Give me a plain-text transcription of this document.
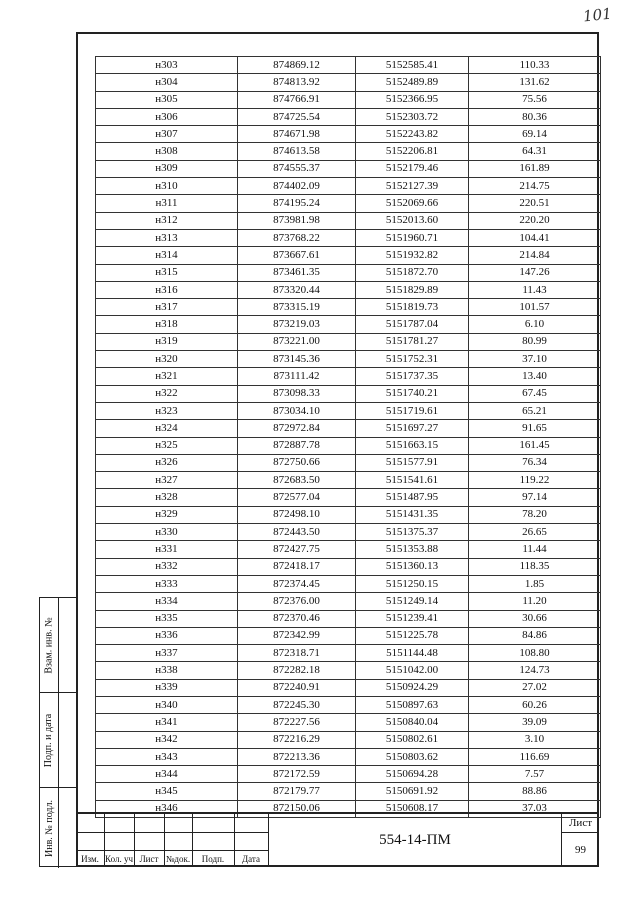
101
Взам. инв. №
Подп. и дата
Инв. № подл.
н303	874869.12	5152585.41	110.33
н304	874813.92	5152489.89	131.62
н305	874766.91	5152366.95	75.56
н306	874725.54	5152303.72	80.36
н307	874671.98	5152243.82	69.14
н308	874613.58	5152206.81	64.31
н309	874555.37	5152179.46	161.89
н310	874402.09	5152127.39	214.75
н311	874195.24	5152069.66	220.51
н312	873981.98	5152013.60	220.20
н313	873768.22	5151960.71	104.41
н314	873667.61	5151932.82	214.84
н315	873461.35	5151872.70	147.26
н316	873320.44	5151829.89	11.43
н317	873315.19	5151819.73	101.57
н318	873219.03	5151787.04	6.10
н319	873221.00	5151781.27	80.99
н320	873145.36	5151752.31	37.10
н321	873111.42	5151737.35	13.40
н322	873098.33	5151740.21	67.45
н323	873034.10	5151719.61	65.21
н324	872972.84	5151697.27	91.65
н325	872887.78	5151663.15	161.45
н326	872750.66	5151577.91	76.34
н327	872683.50	5151541.61	119.22
н328	872577.04	5151487.95	97.14
н329	872498.10	5151431.35	78.20
н330	872443.50	5151375.37	26.65
н331	872427.75	5151353.88	11.44
н332	872418.17	5151360.13	118.35
н333	872374.45	5151250.15	1.85
н334	872376.00	5151249.14	11.20
н335	872370.46	5151239.41	30.66
н336	872342.99	5151225.78	84.86
н337	872318.71	5151144.48	108.80
н338	872282.18	5151042.00	124.73
н339	872240.91	5150924.29	27.02
н340	872245.30	5150897.63	60.26
н341	872227.56	5150840.04	39.09
н342	872216.29	5150802.61	3.10
н343	872213.36	5150803.62	116.69
н344	872172.59	5150694.28	7.57
н345	872179.77	5150691.92	88.86
н346	872150.06	5150608.17	37.03
Изм. Кол. уч Лист №док.	Подп.	Дата
554-14-ПМ
Лист
99
